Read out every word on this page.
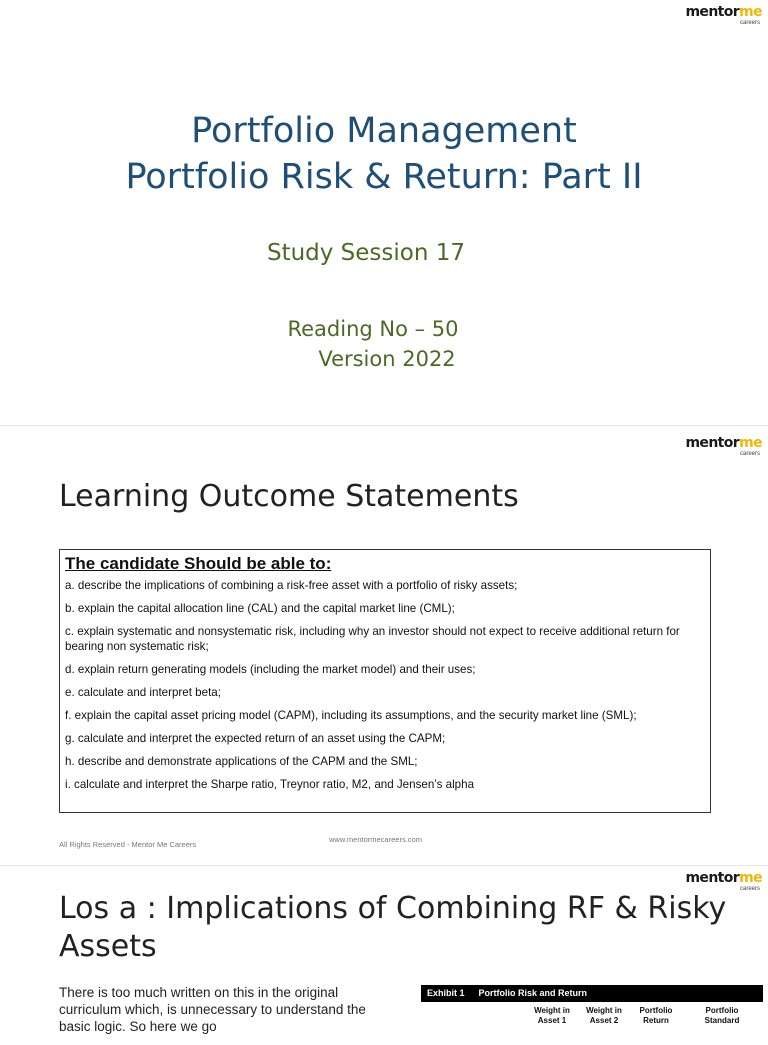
mentorme
careers
Portfolio Management
Portfolio Risk & Return: Part II
Study Session 17
Reading No – 50
Version 2022
mentorme
careers
Learning Outcome Statements
The candidate Should be able to:
a. describe the implications of combining a risk-free asset with a portfolio of risky assets;
b. explain the capital allocation line (CAL) and the capital market line (CML);
c. explain systematic and nonsystematic risk, including why an investor should not expect to receive additional return for bearing non systematic risk;
d. explain return generating models (including the market model) and their uses;
e. calculate and interpret beta;
f. explain the capital asset pricing model (CAPM), including its assumptions, and the security market line (SML);
g. calculate and interpret the expected return of an asset using the CAPM;
h. describe and demonstrate applications of the CAPM and the SML;
i. calculate and interpret the Sharpe ratio, Treynor ratio, M2, and Jensen’s alpha
All Rights Reserved - Mentor Me Careers
www.mentormecareers.com
mentorme
careers
Los a : Implications of Combining RF & Risky
Assets
There is too much written on this in the original curriculum which, is unnecessary to understand the basic logic. So here we go
Exhibit 1 Portfolio Risk and Return
Weight in Asset 1
Weight in Asset 2
Portfolio Return
Portfolio Standard
